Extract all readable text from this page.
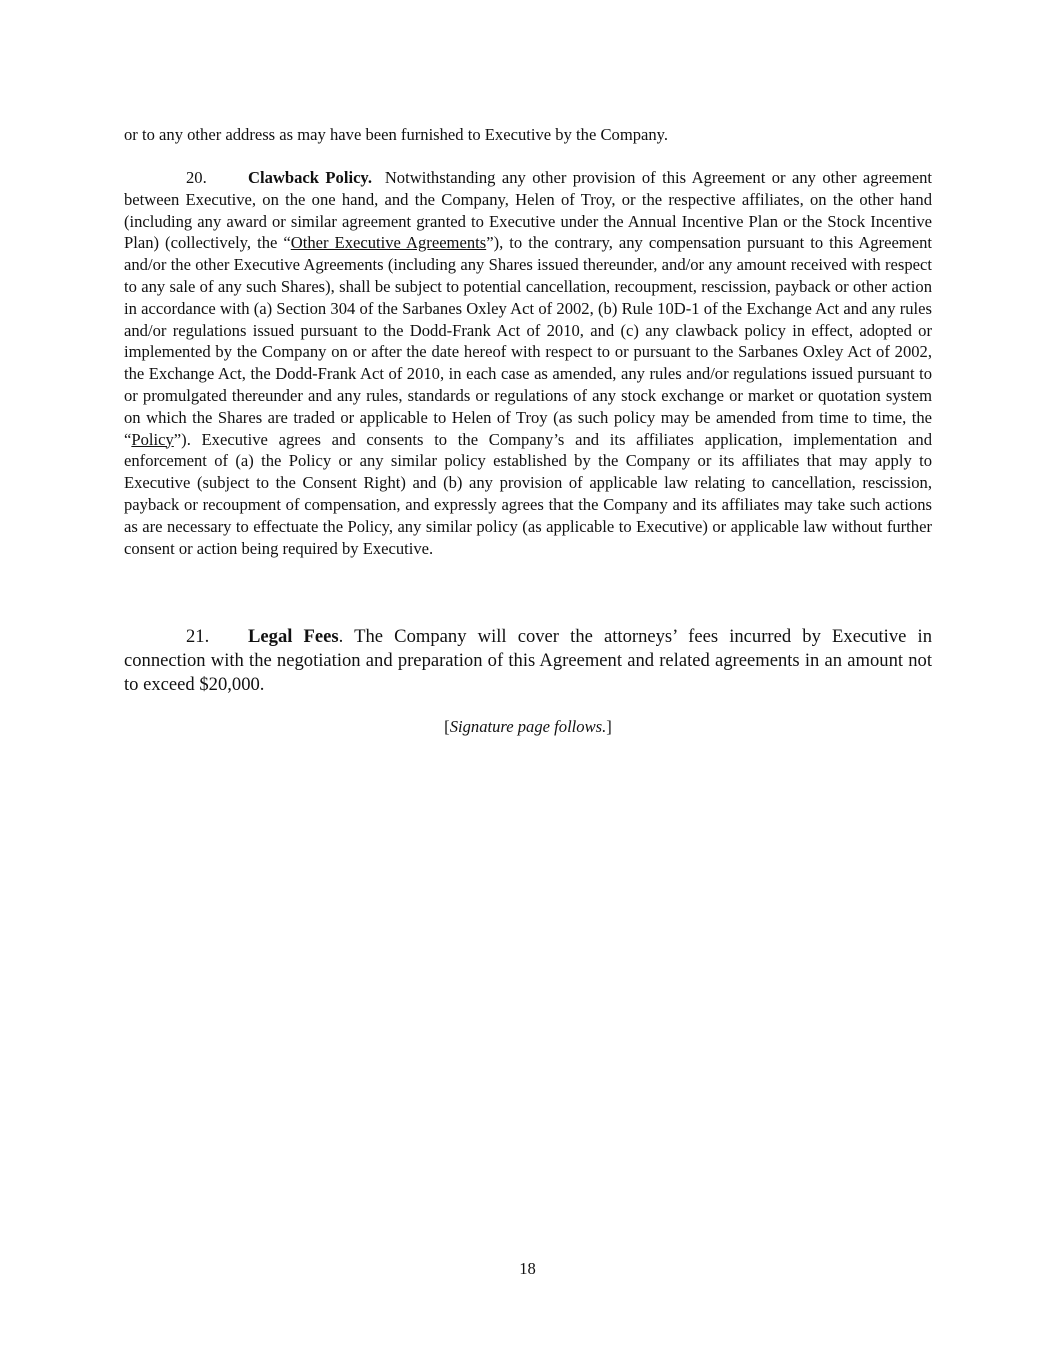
or to any other address as may have been furnished to Executive by the Company.

20. Clawback Policy. Notwithstanding any other provision of this Agreement or any other agreement between Executive, on the one hand, and the Company, Helen of Troy, or the respective affiliates, on the other hand (including any award or similar agreement granted to Executive under the Annual Incentive Plan or the Stock Incentive Plan) (collectively, the “Other Executive Agreements”), to the contrary, any compensation pursuant to this Agreement and/or the other Executive Agreements (including any Shares issued thereunder, and/or any amount received with respect to any sale of any such Shares), shall be subject to potential cancellation, recoupment, rescission, payback or other action in accordance with (a) Section 304 of the Sarbanes Oxley Act of 2002, (b) Rule 10D-1 of the Exchange Act and any rules and/or regulations issued pursuant to the Dodd-Frank Act of 2010, and (c) any clawback policy in effect, adopted or implemented by the Company on or after the date hereof with respect to or pursuant to the Sarbanes Oxley Act of 2002, the Exchange Act, the Dodd-Frank Act of 2010, in each case as amended, any rules and/or regulations issued pursuant to or promulgated thereunder and any rules, standards or regulations of any stock exchange or market or quotation system on which the Shares are traded or applicable to Helen of Troy (as such policy may be amended from time to time, the “Policy”). Executive agrees and consents to the Company’s and its affiliates application, implementation and enforcement of (a) the Policy or any similar policy established by the Company or its affiliates that may apply to Executive (subject to the Consent Right) and (b) any provision of applicable law relating to cancellation, rescission, payback or recoupment of compensation, and expressly agrees that the Company and its affiliates may take such actions as are necessary to effectuate the Policy, any similar policy (as applicable to Executive) or applicable law without further consent or action being required by Executive.

21. Legal Fees. The Company will cover the attorneys’ fees incurred by Executive in connection with the negotiation and preparation of this Agreement and related agreements in an amount not to exceed $20,000.

[Signature page follows.]
18
